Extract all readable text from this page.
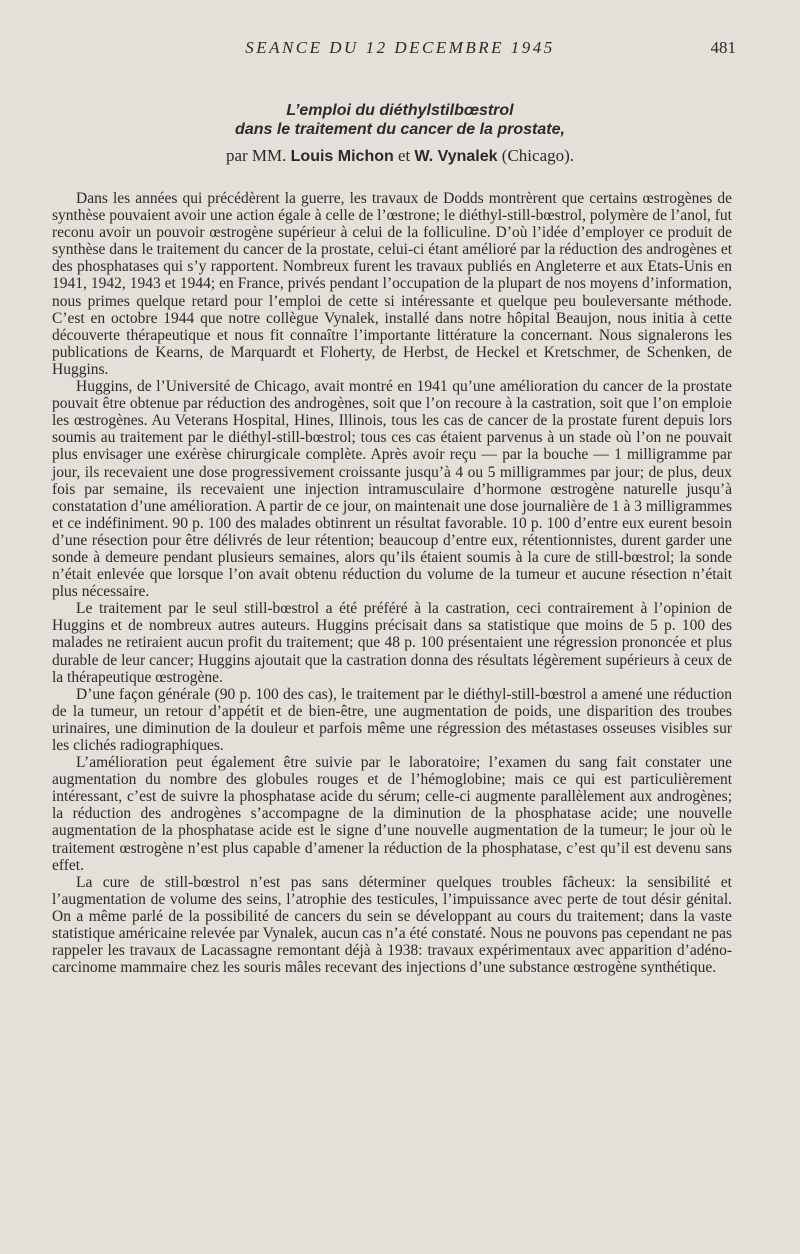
SEANCE DU 12 DECEMBRE 1945	481
L’emploi du diéthylstilbœstrol
dans le traitement du cancer de la prostate,
par MM. Louis Michon et W. Vynalek (Chicago).

Dans les années qui précédèrent la guerre, les travaux de Dodds montrèrent que certains œstrogènes de synthèse pouvaient avoir une action égale à celle de l’œstrone; le diéthyl-still-bœstrol, polymère de l’anol, fut reconu avoir un pouvoir œstrogène supérieur à celui de la folliculine. D’où l’idée d’employer ce produit de synthèse dans le traitement du cancer de la prostate, celui-ci étant amélioré par la réduction des androgènes et des phosphatases qui s’y rapportent. Nombreux furent les travaux publiés en Angleterre et aux Etats-Unis en 1941, 1942, 1943 et 1944; en France, privés pendant l’occupation de la plupart de nos moyens d’information, nous primes quelque retard pour l’emploi de cette si intéressante et quelque peu bouleversante méthode. C’est en octobre 1944 que notre collègue Vynalek, installé dans notre hôpital Beaujon, nous initia à cette découverte thérapeutique et nous fit connaître l’importante littérature la concernant. Nous signalerons les publications de Kearns, de Marquardt et Floherty, de Herbst, de Heckel et Kretschmer, de Schenken, de Huggins.

Huggins, de l’Université de Chicago, avait montré en 1941 qu’une amélioration du cancer de la prostate pouvait être obtenue par réduction des androgènes, soit que l’on recoure à la castration, soit que l’on emploie les œstrogènes. Au Veterans Hospital, Hines, Illinois, tous les cas de cancer de la prostate furent depuis lors soumis au traitement par le diéthyl-still-bœstrol; tous ces cas étaient parvenus à un stade où l’on ne pouvait plus envisager une exérèse chirurgicale complète. Après avoir reçu — par la bouche — 1 milligramme par jour, ils recevaient une dose progressivement croissante jusqu’à 4 ou 5 milligrammes par jour; de plus, deux fois par semaine, ils recevaient une injection intramusculaire d’hormone œstrogène naturelle jusqu’à constatation d’une amélioration. A partir de ce jour, on maintenait une dose journalière de 1 à 3 milligrammes et ce indéfiniment. 90 p. 100 des malades obtinrent un résultat favorable. 10 p. 100 d’entre eux eurent besoin d’une résection pour être délivrés de leur rétention; beaucoup d’entre eux, rétentionnistes, durent garder une sonde à demeure pendant plusieurs semaines, alors qu’ils étaient soumis à la cure de still-bœstrol; la sonde n’était enlevée que lorsque l’on avait obtenu réduction du volume de la tumeur et aucune résection n’était plus nécessaire.

Le traitement par le seul still-bœstrol a été préféré à la castration, ceci contrairement à l’opinion de Huggins et de nombreux autres auteurs. Huggins précisait dans sa statistique que moins de 5 p. 100 des malades ne retiraient aucun profit du traitement; que 48 p. 100 présentaient une régression prononcée et plus durable de leur cancer; Huggins ajoutait que la castration donna des résultats légèrement supérieurs à ceux de la thérapeutique œstrogène.

D’une façon générale (90 p. 100 des cas), le traitement par le diéthyl-still-bœstrol a amené une réduction de la tumeur, un retour d’appétit et de bien-être, une augmentation de poids, une disparition des troubes urinaires, une diminution de la douleur et parfois même une régression des métastases osseuses visibles sur les clichés radiographiques.

L’amélioration peut également être suivie par le laboratoire; l’examen du sang fait constater une augmentation du nombre des globules rouges et de l’hémoglobine; mais ce qui est particulièrement intéressant, c’est de suivre la phosphatase acide du sérum; celle-ci augmente parallèlement aux androgènes; la réduction des androgènes s’accompagne de la diminution de la phosphatase acide; une nouvelle augmentation de la phosphatase acide est le signe d’une nouvelle augmentation de la tumeur; le jour où le traitement œstrogène n’est plus capable d’amener la réduction de la phosphatase, c’est qu’il est devenu sans effet.

La cure de still-bœstrol n’est pas sans déterminer quelques troubles fâcheux: la sensibilité et l’augmentation de volume des seins, l’atrophie des testicules, l’impuissance avec perte de tout désir génital. On a même parlé de la possibilité de cancers du sein se développant au cours du traitement; dans la vaste statistique américaine relevée par Vynalek, aucun cas n’a été constaté. Nous ne pouvons pas cependant ne pas rappeler les travaux de Lacassagne remontant déjà à 1938: travaux expérimentaux avec apparition d’adéno-carcinome mammaire chez les souris mâles recevant des injections d’une substance œstrogène synthétique.
